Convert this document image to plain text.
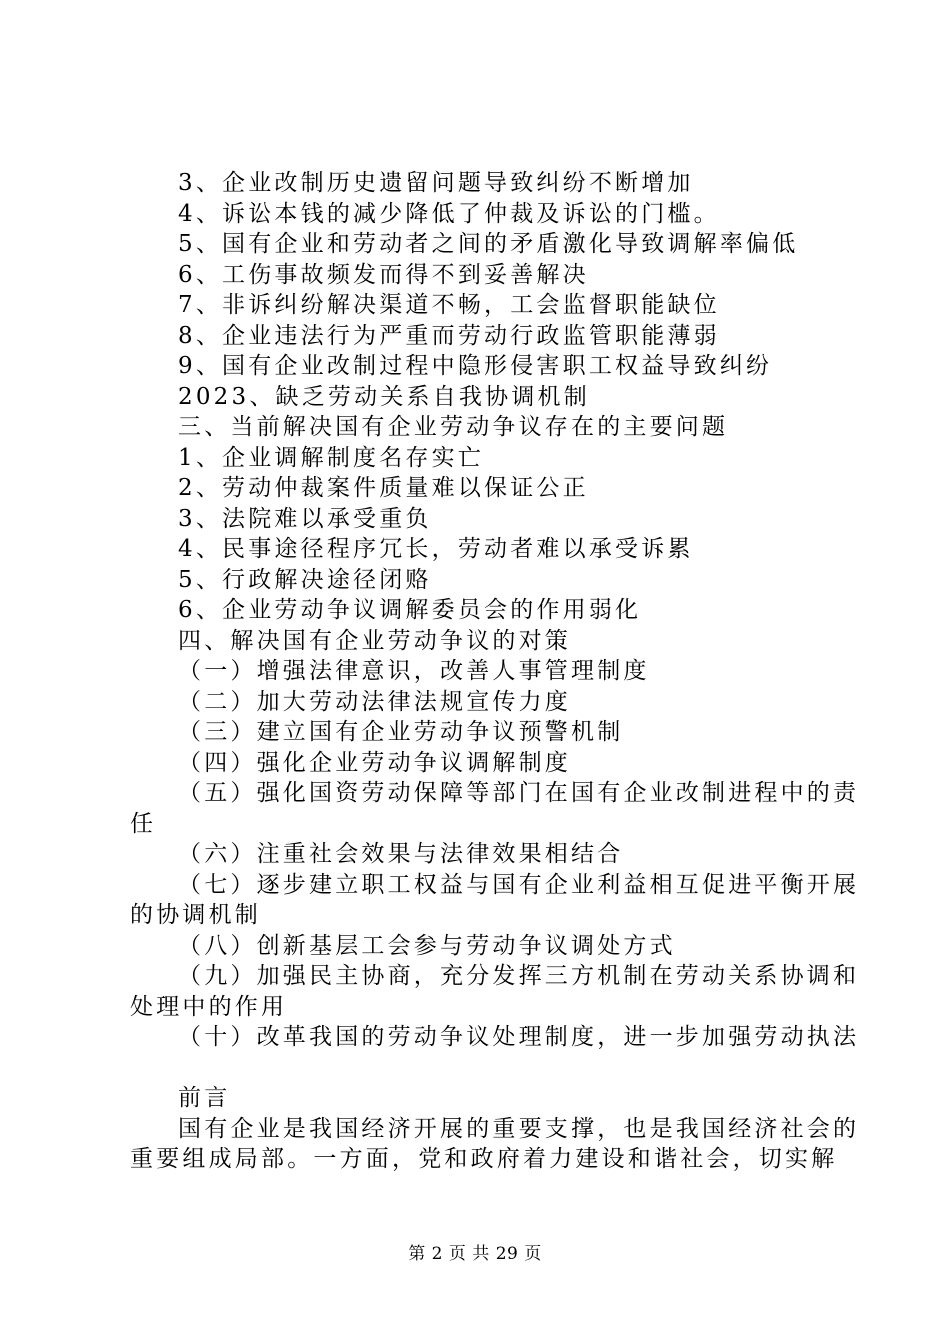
3、企业改制历史遗留问题导致纠纷不断增加

4、诉讼本钱的减少降低了仲裁及诉讼的门槛。

5、国有企业和劳动者之间的矛盾激化导致调解率偏低

6、工伤事故频发而得不到妥善解决

7、非诉纠纷解决渠道不畅，工会监督职能缺位

8、企业违法行为严重而劳动行政监管职能薄弱

9、国有企业改制过程中隐形侵害职工权益导致纠纷

2023、缺乏劳动关系自我协调机制

三、当前解决国有企业劳动争议存在的主要问题

1、企业调解制度名存实亡

2、劳动仲裁案件质量难以保证公正

3、法院难以承受重负

4、民事途径程序冗长，劳动者难以承受诉累

5、行政解决途径闭赂

6、企业劳动争议调解委员会的作用弱化

四、解决国有企业劳动争议的对策

（一）增强法律意识，改善人事管理制度

（二）加大劳动法律法规宣传力度

（三）建立国有企业劳动争议预警机制

（四）强化企业劳动争议调解制度

（五）强化国资劳动保障等部门在国有企业改制进程中的责

任

（六）注重社会效果与法律效果相结合

（七）逐步建立职工权益与国有企业利益相互促进平衡开展

的协调机制

（八）创新基层工会参与劳动争议调处方式

（九）加强民主协商，充分发挥三方机制在劳动关系协调和

处理中的作用

（十）改革我国的劳动争议处理制度，进一步加强劳动执法

前言

国有企业是我国经济开展的重要支撑，也是我国经济社会的

重要组成局部。一方面，党和政府着力建设和谐社会，切实解

第 2 页 共 29 页
